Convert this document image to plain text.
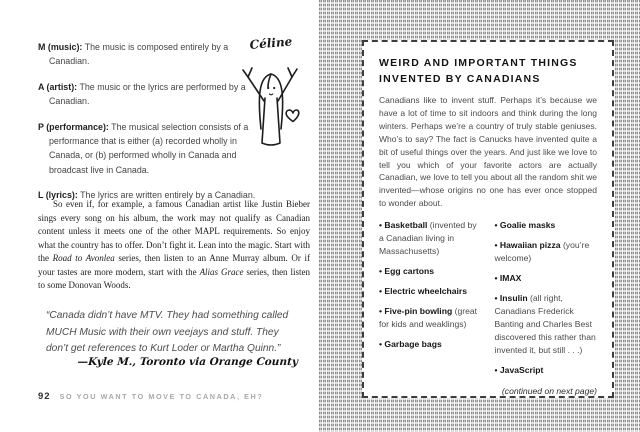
M (music): The music is composed entirely by a Canadian.

A (artist): The music or the lyrics are performed by a Canadian.

P (performance): The musical selection consists of a performance that is either (a) recorded wholly in Canada, or (b) performed wholly in Canada and broadcast live in Canada.

L (lyrics): The lyrics are written entirely by a Canadian.

Céline

So even if, for example, a famous Canadian artist like Justin Bieber sings every song on his album, the work may not qualify as Canadian content unless it meets one of the other MAPL requirements. So enjoy what the country has to offer. Don’t fight it. Lean into the magic. Start with the Road to Avonlea series, then listen to an Anne Murray album. Or if your tastes are more modern, start with the Alias Grace series, then listen to some Donovan Woods.

“Canada didn’t have MTV. They had something called MUCH Music with their own veejays and stuff. They don’t get references to Kurt Loder or Martha Quinn.”
—Kyle M., Toronto via Orange County
92 SO YOU WANT TO MOVE TO CANADA, EH?
WEIRD AND IMPORTANT THINGS
INVENTED BY CANADIANS

Canadians like to invent stuff. Perhaps it’s because we have a lot of time to sit indoors and think during the long winters. Perhaps we’re a country of truly stable geniuses. Who’s to say? The fact is Canucks have invented quite a bit of useful things over the years. And just like we love to tell you which of your favorite actors are actually Canadian, we love to tell you about all the random shit we invented—whose origins no one has ever once stopped to wonder about.

• Basketball (invented by a Canadian living in Massachusetts)

• Egg cartons

• Electric wheelchairs

• Five-pin bowling (great for kids and weaklings)

• Garbage bags

• Goalie masks

• Hawaiian pizza (you’re welcome)

• IMAX

• Insulin (all right, Canadians Frederick Banting and Charles Best discovered this rather than invented it, but still . . .)

• JavaScript

(continued on next page)
